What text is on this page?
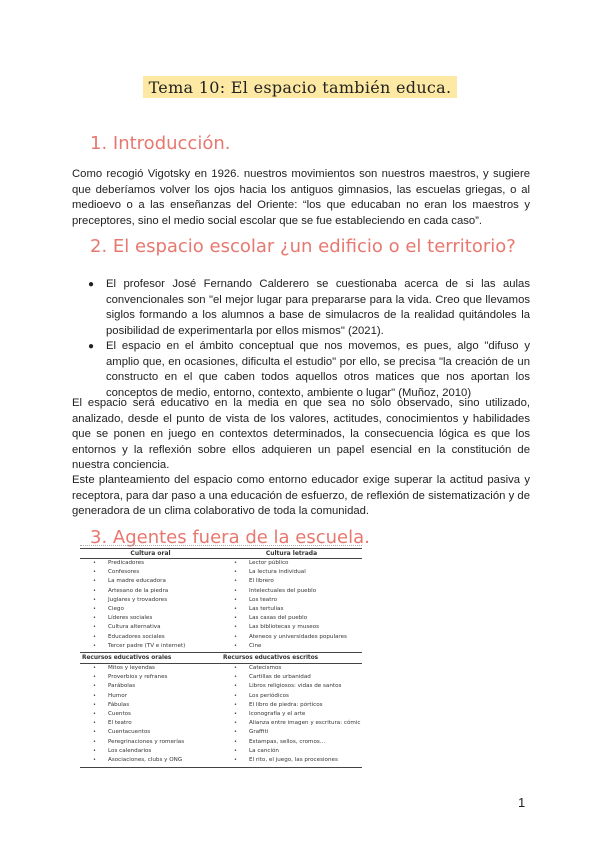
Tema 10: El espacio también educa.
1. Introducción.
Como recogió Vigotsky en 1926. nuestros movimientos son nuestros maestros, y sugiere que deberíamos volver los ojos hacia los antiguos gimnasios, las escuelas griegas, o al medioevo o a las enseñanzas del Oriente: “los que educaban no eran los maestros y preceptores, sino el medio social escolar que se fue estableciendo en cada caso”.
2. El espacio escolar ¿un edificio o el territorio?
● El profesor José Fernando Calderero se cuestionaba acerca de si las aulas convencionales son "el mejor lugar para prepararse para la vida. Creo que llevamos siglos formando a los alumnos a base de simulacros de la realidad quitándoles la posibilidad de experimentarla por ellos mismos" (2021).
● El espacio en el ámbito conceptual que nos movemos, es pues, algo "difuso y amplio que, en ocasiones, dificulta el estudio" por ello, se precisa "la creación de un constructo en el que caben todos aquellos otros matices que nos aportan los conceptos de medio, entorno, contexto, ambiente o lugar" (Muñoz, 2010)
El espacio será educativo en la media en que sea no solo observado, sino utilizado, analizado, desde el punto de vista de los valores, actitudes, conocimientos y habilidades que se ponen en juego en contextos determinados, la consecuencia lógica es que los entornos y la reflexión sobre ellos adquieren un papel esencial en la constitución de nuestra conciencia.
Este planteamiento del espacio como entorno educador exige superar la actitud pasiva y receptora, para dar paso a una educación de esfuerzo, de reflexión de sistematización y de generadora de un clima colaborativo de toda la comunidad.
3. Agentes fuera de la escuela.
Cultura oral
• Predicadores
• Confesores
• La madre educadora
• Artesano de la piedra
• Juglares y trovadores
• Ciego
• Líderes sociales
• Cultura alternativa
• Educadores sociales
• Tercer padre (TV e internet)
Cultura letrada
• Lector público
• La lectura individual
• El librero
• Intelectuales del pueblo
• Los teatro
• Las tertulias
• Las casas del pueblo
• Las bibliotecas y museos
• Ateneos y universidades populares
• Cine
Recursos educativos orales
• Mitos y leyendas
• Proverbios y refranes
• Parábolas
• Humor
• Fábulas
• Cuentos
• El teatro
• Cuentacuentos
• Peregrinaciones y romerías
• Los calendarios
• Asociaciones, clubs y ONG
Recursos educativos escritos
• Catecismos
• Cartillas de urbanidad
• Libros religiosos: vidas de santos
• Los periódicos
• El libro de piedra: pórticos
• Iconografía y el arte
• Alianza entre imagen y escritura: cómic
• Graffiti
• Estampas, sellos, cromos…
• La canción
• El rito, el juego, las procesiones
1
